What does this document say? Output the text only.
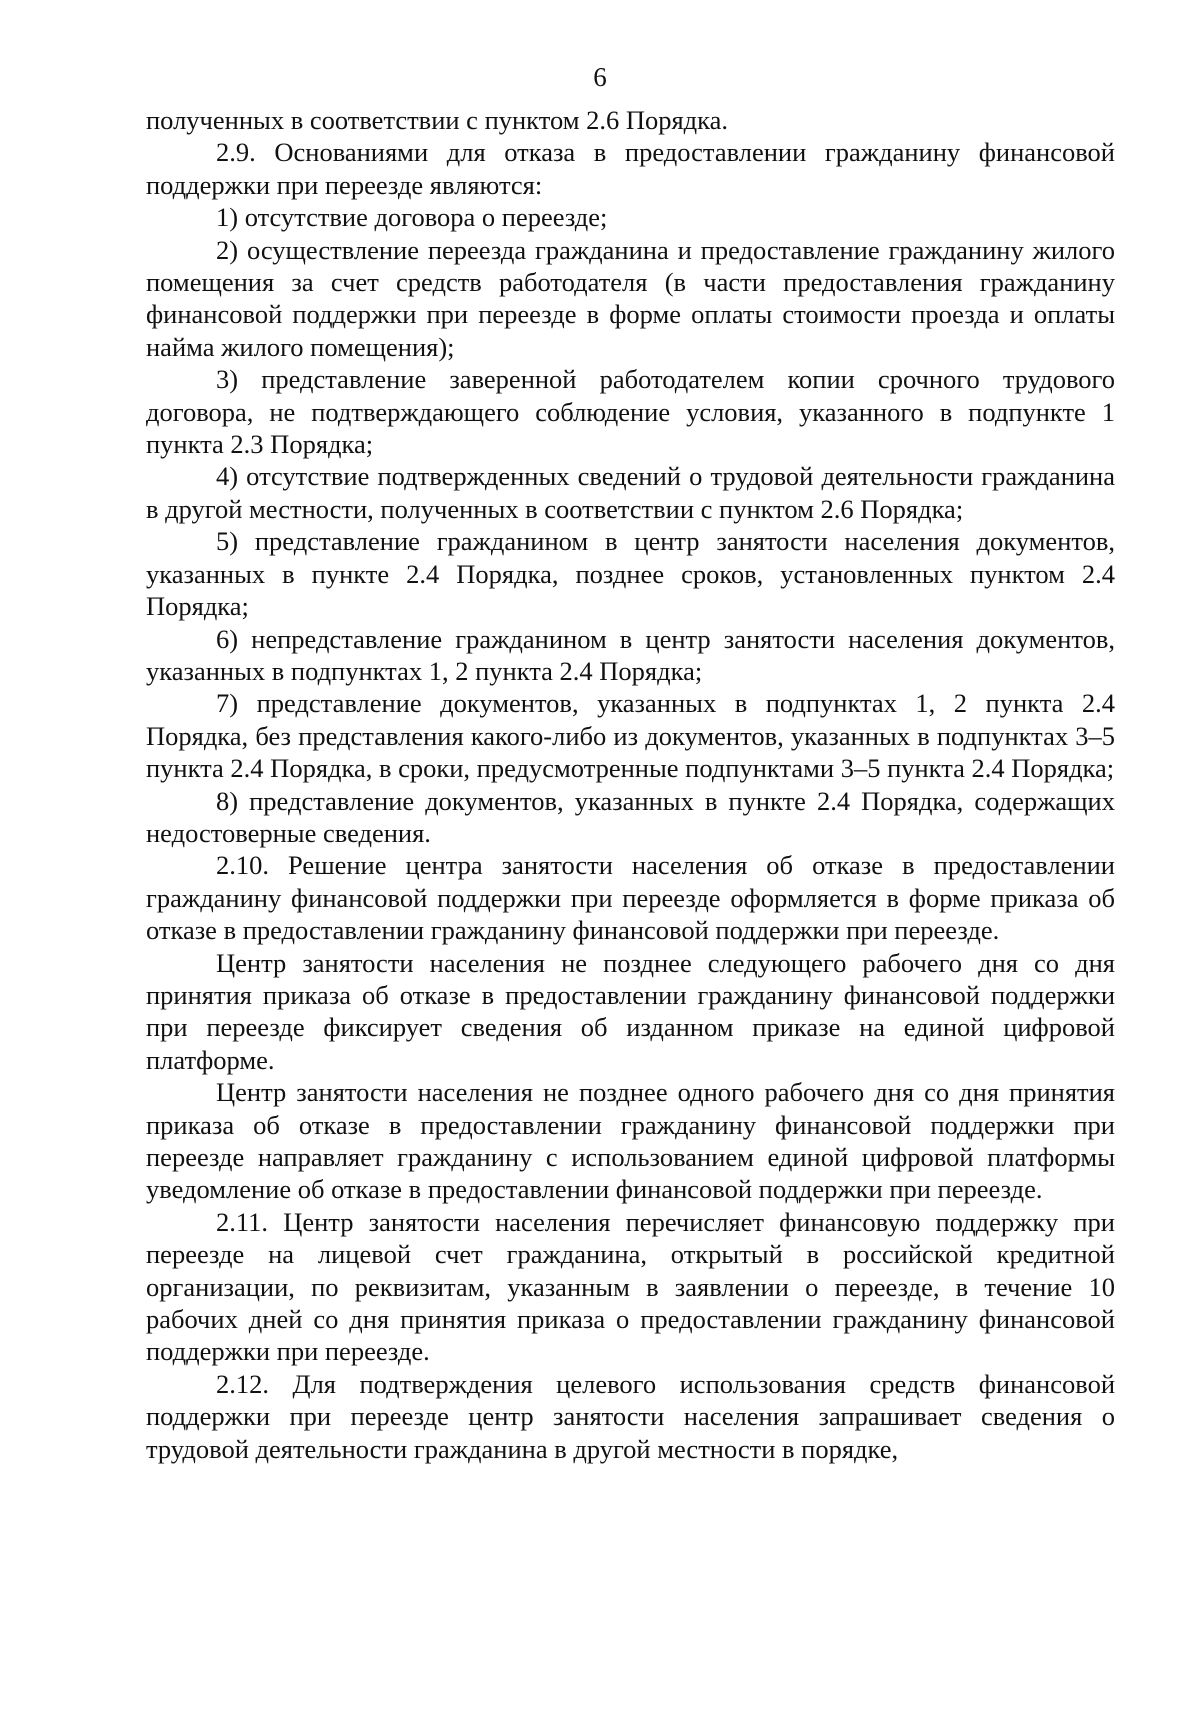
6

полученных в соответствии с пунктом 2.6 Порядка.

2.9. Основаниями для отказа в предоставлении гражданину финансовой поддержки при переезде являются:

1) отсутствие договора о переезде;

2) осуществление переезда гражданина и предоставление гражданину жилого помещения за счет средств работодателя (в части предоставления гражданину финансовой поддержки при переезде в форме оплаты стоимости проезда и оплаты найма жилого помещения);

3) представление заверенной работодателем копии срочного трудового договора, не подтверждающего соблюдение условия, указанного в подпункте 1 пункта 2.3 Порядка;

4) отсутствие подтвержденных сведений о трудовой деятельности гражданина в другой местности, полученных в соответствии с пунктом 2.6 Порядка;

5) представление гражданином в центр занятости населения документов, указанных в пункте 2.4 Порядка, позднее сроков, установленных пунктом 2.4 Порядка;

6) непредставление гражданином в центр занятости населения документов, указанных в подпунктах 1, 2 пункта 2.4 Порядка;

7) представление документов, указанных в подпунктах 1, 2 пункта 2.4 Порядка, без представления какого-либо из документов, указанных в подпунктах 3–5 пункта 2.4 Порядка, в сроки, предусмотренные подпунктами 3–5 пункта 2.4 Порядка;

8) представление документов, указанных в пункте 2.4 Порядка, содержащих недостоверные сведения.

2.10. Решение центра занятости населения об отказе в предоставлении гражданину финансовой поддержки при переезде оформляется в форме приказа об отказе в предоставлении гражданину финансовой поддержки при переезде.

Центр занятости населения не позднее следующего рабочего дня со дня принятия приказа об отказе в предоставлении гражданину финансовой поддержки при переезде фиксирует сведения об изданном приказе на единой цифровой платформе.

Центр занятости населения не позднее одного рабочего дня со дня принятия приказа об отказе в предоставлении гражданину финансовой поддержки при переезде направляет гражданину с использованием единой цифровой платформы уведомление об отказе в предоставлении финансовой поддержки при переезде.

2.11. Центр занятости населения перечисляет финансовую поддержку при переезде на лицевой счет гражданина, открытый в российской кредитной организации, по реквизитам, указанным в заявлении о переезде, в течение 10 рабочих дней со дня принятия приказа о предоставлении гражданину финансовой поддержки при переезде.

2.12. Для подтверждения целевого использования средств финансовой поддержки при переезде центр занятости населения запрашивает сведения о трудовой деятельности гражданина в другой местности в порядке,
